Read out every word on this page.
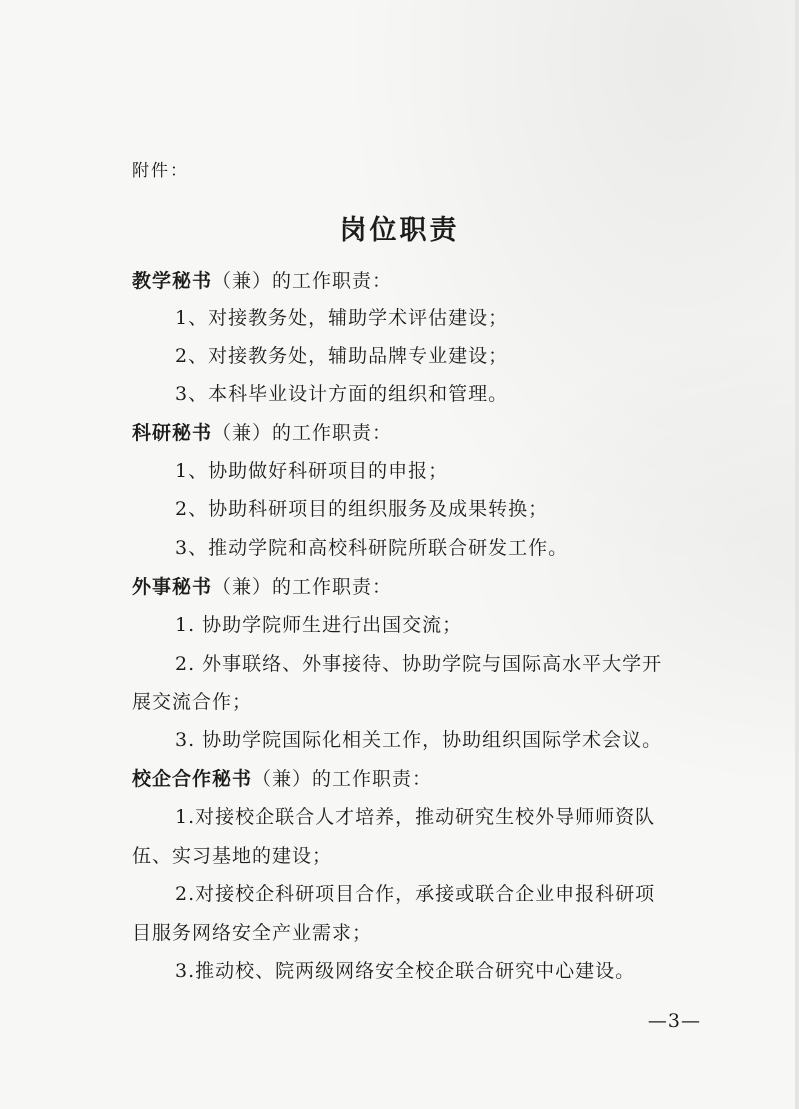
附件：
岗位职责
教学秘书（兼）的工作职责：
1、对接教务处，辅助学术评估建设；
2、对接教务处，辅助品牌专业建设；
3、本科毕业设计方面的组织和管理。
科研秘书（兼）的工作职责：
1、协助做好科研项目的申报；
2、协助科研项目的组织服务及成果转换；
3、推动学院和高校科研院所联合研发工作。
外事秘书（兼）的工作职责：
1. 协助学院师生进行出国交流；
2. 外事联络、外事接待、协助学院与国际高水平大学开
展交流合作；
3. 协助学院国际化相关工作，协助组织国际学术会议。
校企合作秘书（兼）的工作职责：
1.对接校企联合人才培养，推动研究生校外导师师资队
伍、实习基地的建设；
2.对接校企科研项目合作，承接或联合企业申报科研项
目服务网络安全产业需求；
3.推动校、院两级网络安全校企联合研究中心建设。
—3—
